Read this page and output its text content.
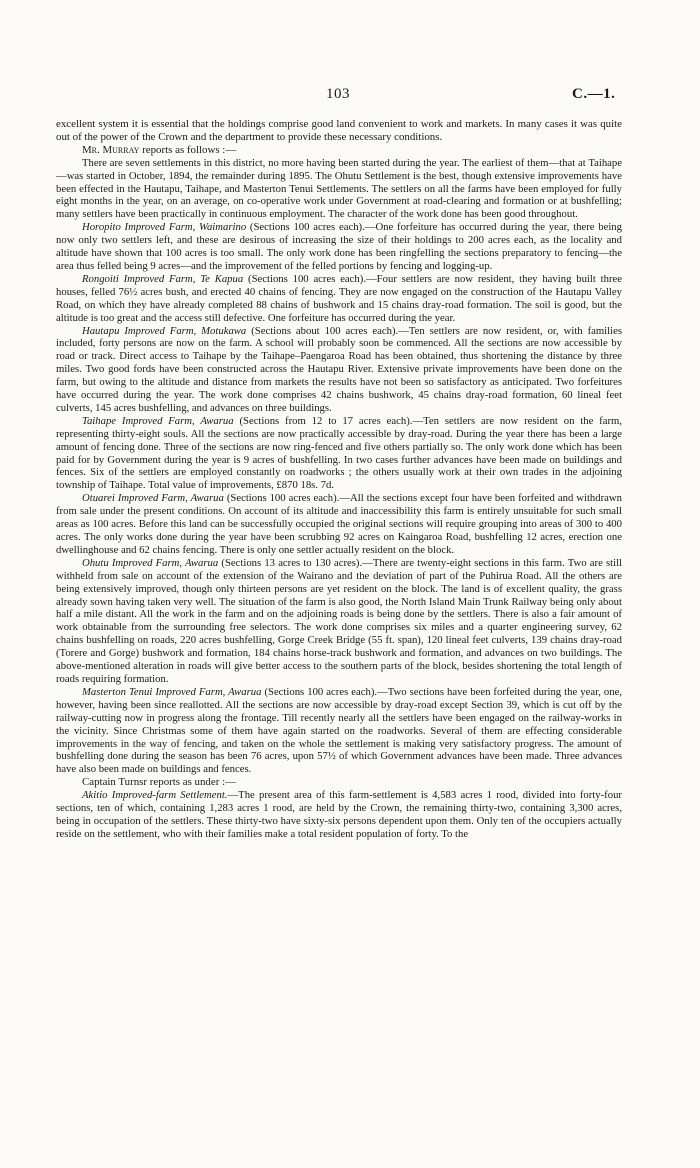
103	C.—1.

excellent system it is essential that the holdings comprise good land convenient to work and markets. In many cases it was quite out of the power of the Crown and the department to provide these necessary conditions.

Mr. Murray reports as follows :—

There are seven settlements in this district, no more having been started during the year. The earliest of them—that at Taihape—was started in October, 1894, the remainder during 1895. The Ohutu Settlement is the best, though extensive improvements have been effected in the Hautapu, Taihape, and Masterton Tenui Settlements. The settlers on all the farms have been employed for fully eight months in the year, on an average, on co-operative work under Government at road-clearing and formation or at bushfelling; many settlers have been practically in continuous employment. The character of the work done has been good throughout.

Horopito Improved Farm, Waimarino (Sections 100 acres each).—One forfeiture has occurred during the year, there being now only two settlers left, and these are desirous of increasing the size of their holdings to 200 acres each, as the locality and altitude have shown that 100 acres is too small. The only work done has been ringfelling the sections preparatory to fencing—the area thus felled being 9 acres—and the improvement of the felled portions by fencing and logging-up.

Rongoiti Improved Farm, Te Kapua (Sections 100 acres each).—Four settlers are now resident, they having built three houses, felled 76½ acres bush, and erected 40 chains of fencing. They are now engaged on the construction of the Hautapu Valley Road, on which they have already completed 88 chains of bushwork and 15 chains dray-road formation. The soil is good, but the altitude is too great and the access still defective. One forfeiture has occurred during the year.

Hautapu Improved Farm, Motukawa (Sections about 100 acres each).—Ten settlers are now resident, or, with families included, forty persons are now on the farm. A school will probably soon be commenced. All the sections are now accessible by road or track. Direct access to Taihape by the Taihape–Paengaroa Road has been obtained, thus shortening the distance by three miles. Two good fords have been constructed across the Hautapu River. Extensive private improvements have been done on the farm, but owing to the altitude and distance from markets the results have not been so satisfactory as anticipated. Two forfeitures have occurred during the year. The work done comprises 42 chains bushwork, 45 chains dray-road formation, 60 lineal feet culverts, 145 acres bushfelling, and advances on three buildings.

Taihape Improved Farm, Awarua (Sections from 12 to 17 acres each).—Ten settlers are now resident on the farm, representing thirty-eight souls. All the sections are now practically accessible by dray-road. During the year there has been a large amount of fencing done. Three of the sections are now ring-fenced and five others partially so. The only work done which has been paid for by Government during the year is 9 acres of bushfelling. In two cases further advances have been made on buildings and fences. Six of the settlers are employed constantly on roadworks ; the others usually work at their own trades in the adjoining township of Taihape. Total value of improvements, £870 18s. 7d.

Otuarei Improved Farm, Awarua (Sections 100 acres each).—All the sections except four have been forfeited and withdrawn from sale under the present conditions. On account of its altitude and inaccessibility this farm is entirely unsuitable for such small areas as 100 acres. Before this land can be successfully occupied the original sections will require grouping into areas of 300 to 400 acres. The only works done during the year have been scrubbing 92 acres on Kaingaroa Road, bushfelling 12 acres, erection one dwellinghouse and 62 chains fencing. There is only one settler actually resident on the block.

Ohutu Improved Farm, Awarua (Sections 13 acres to 130 acres).—There are twenty-eight sections in this farm. Two are still withheld from sale on account of the extension of the Wairano and the deviation of part of the Puhirua Road. All the others are being extensively improved, though only thirteen persons are yet resident on the block. The land is of excellent quality, the grass already sown having taken very well. The situation of the farm is also good, the North Island Main Trunk Railway being only about half a mile distant. All the work in the farm and on the adjoining roads is being done by the settlers. There is also a fair amount of work obtainable from the surrounding free selectors. The work done comprises six miles and a quarter engineering survey, 62 chains bushfelling on roads, 220 acres bushfelling, Gorge Creek Bridge (55 ft. span), 120 lineal feet culverts, 139 chains dray-road (Torere and Gorge) bushwork and formation, 184 chains horse-track bushwork and formation, and advances on two buildings. The above-mentioned alteration in roads will give better access to the southern parts of the block, besides shortening the total length of roads requiring formation.

Masterton Tenui Improved Farm, Awarua (Sections 100 acres each).—Two sections have been forfeited during the year, one, however, having been since reallotted. All the sections are now accessible by dray-road except Section 39, which is cut off by the railway-cutting now in progress along the frontage. Till recently nearly all the settlers have been engaged on the railway-works in the vicinity. Since Christmas some of them have again started on the roadworks. Several of them are effecting considerable improvements in the way of fencing, and taken on the whole the settlement is making very satisfactory progress. The amount of bushfelling done during the season has been 76 acres, upon 57½ of which Government advances have been made. Three advances have also been made on buildings and fences.

Captain Turnsr reports as under :—

Akitio Improved-farm Settlement.—The present area of this farm-settlement is 4,583 acres 1 rood, divided into forty-four sections, ten of which, containing 1,283 acres 1 rood, are held by the Crown, the remaining thirty-two, containing 3,300 acres, being in occupation of the settlers. These thirty-two have sixty-six persons dependent upon them. Only ten of the occupiers actually reside on the settlement, who with their families make a total resident population of forty. To the
